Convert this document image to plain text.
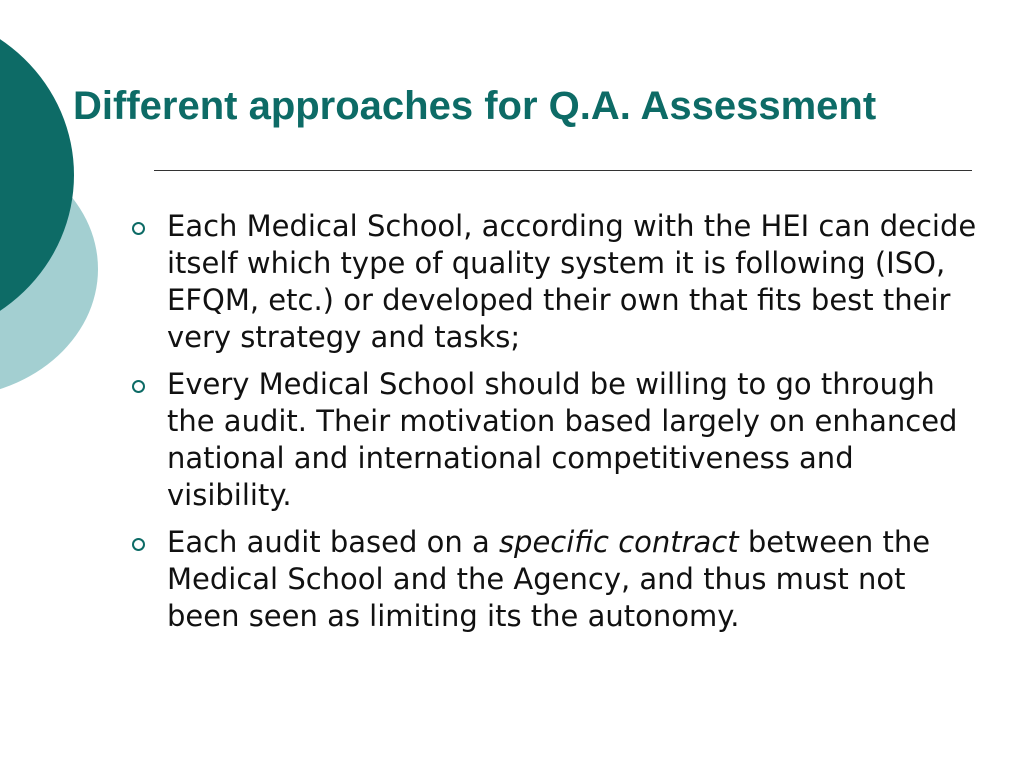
Different approaches for Q.A. Assessment
Each Medical School, according with the HEI can decide itself which type of quality system it is following (ISO, EFQM, etc.) or developed their own that fits best their very strategy and tasks;
Every Medical School should be willing to go through the audit. Their motivation based largely on enhanced national and international competitiveness and visibility.
Each audit based on a specific contract between the Medical School and the Agency, and thus must not been seen as limiting its the autonomy.
